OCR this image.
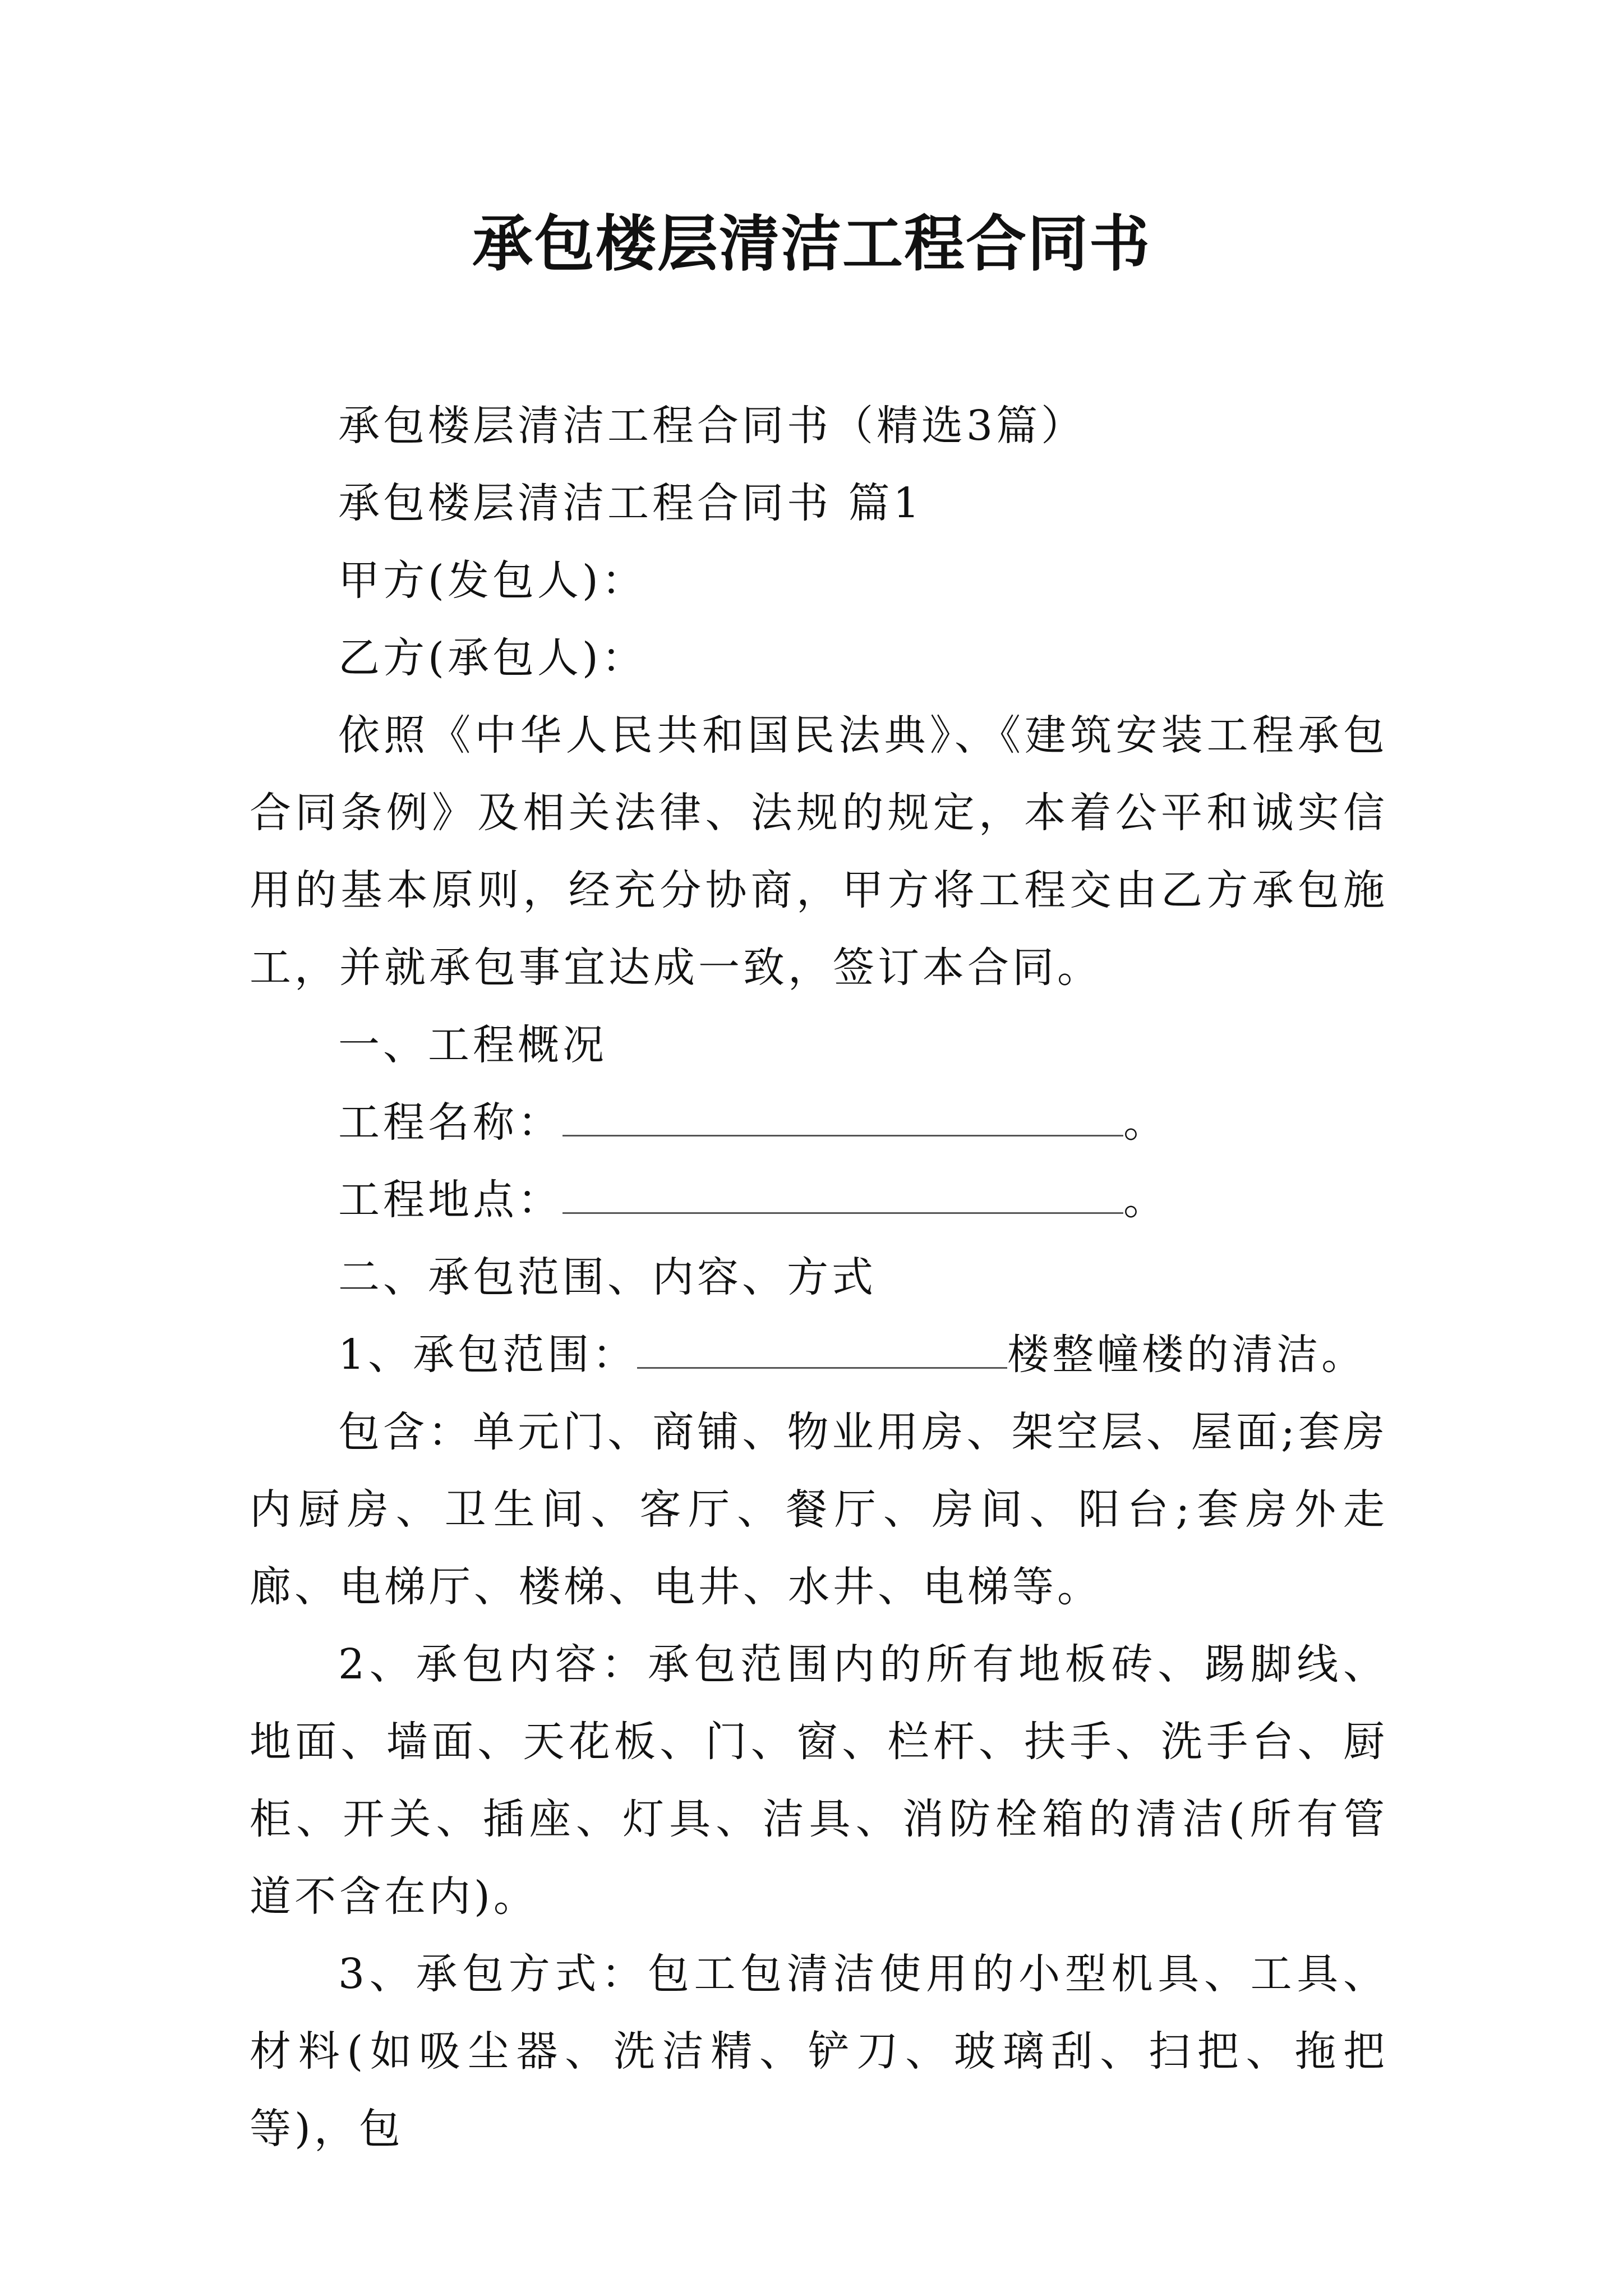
承包楼层清洁工程合同书

承包楼层清洁工程合同书（精选3篇）

承包楼层清洁工程合同书 篇1

甲方(发包人)：

乙方(承包人)：

依照《中华人民共和国民法典》、《建筑安装工程承包合同条例》及相关法律、法规的规定，本着公平和诚实信用的基本原则，经充分协商，甲方将工程交由乙方承包施工，并就承包事宜达成一致，签订本合同。

一、工程概况

工程名称：	。

工程地点：	。

二、承包范围、内容、方式

1、承包范围：	楼整幢楼的清洁。

包含：单元门、商铺、物业用房、架空层、屋面;套房内厨房、卫生间、客厅、餐厅、房间、阳台;套房外走廊、电梯厅、楼梯、电井、水井、电梯等。

2、承包内容：承包范围内的所有地板砖、踢脚线、地面、墙面、天花板、门、窗、栏杆、扶手、洗手台、厨柜、开关、插座、灯具、洁具、消防栓箱的清洁(所有管道不含在内)。

3、承包方式：包工包清洁使用的小型机具、工具、材料(如吸尘器、洗洁精、铲刀、玻璃刮、扫把、拖把等)，包
